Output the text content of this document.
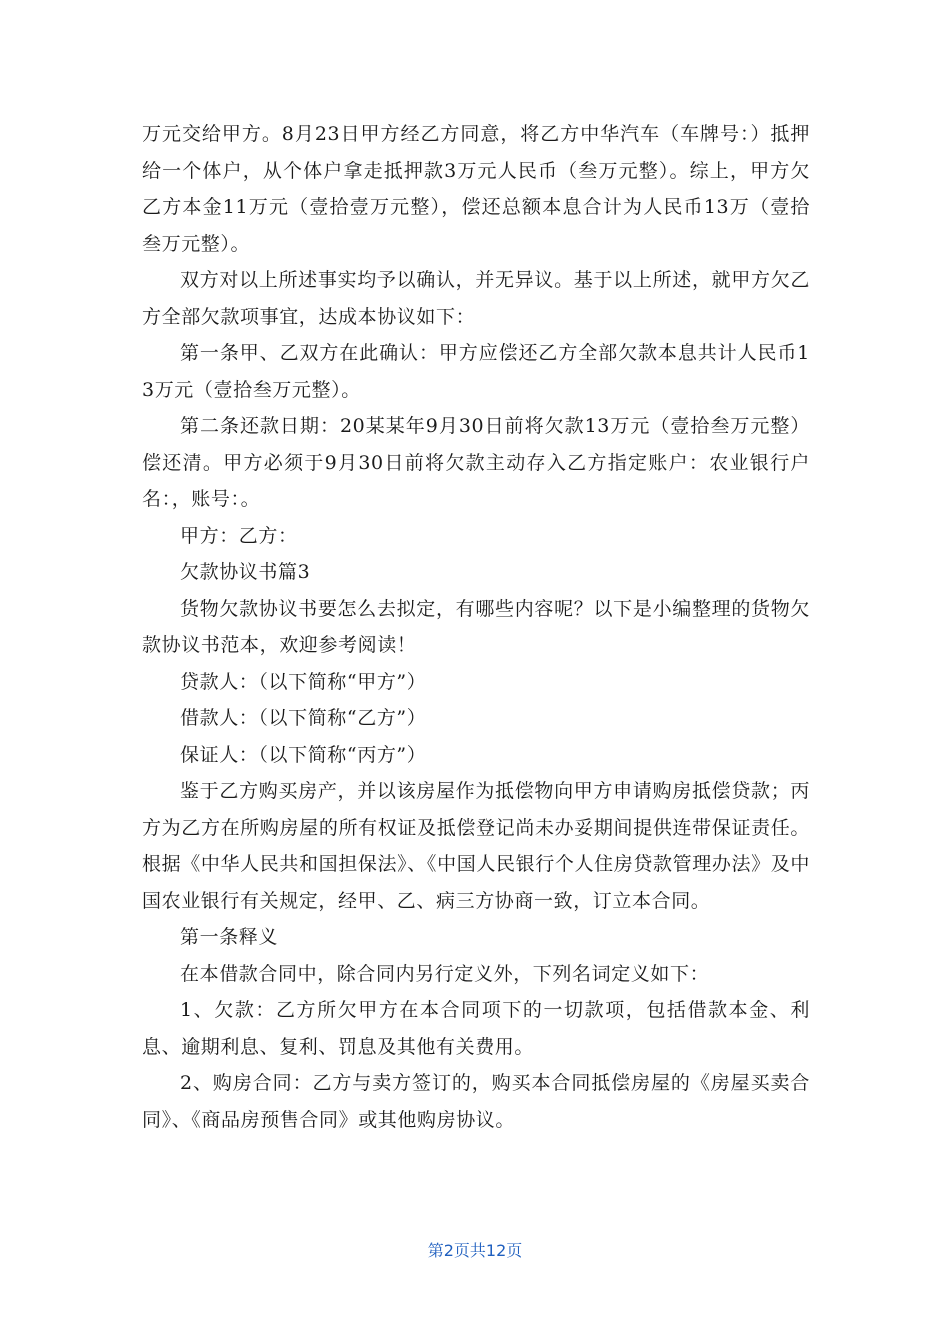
万元交给甲方。8月23日甲方经乙方同意，将乙方中华汽车（车牌号：）抵押给一个体户，从个体户拿走抵押款3万元人民币（叁万元整）。综上，甲方欠乙方本金11万元（壹拾壹万元整），偿还总额本息合计为人民币13万（壹拾叁万元整）。

双方对以上所述事实均予以确认，并无异议。基于以上所述，就甲方欠乙方全部欠款项事宜，达成本协议如下：

第一条甲、乙双方在此确认：甲方应偿还乙方全部欠款本息共计人民币13万元（壹拾叁万元整）。

第二条还款日期：20某某年9月30日前将欠款13万元（壹拾叁万元整）偿还清。甲方必须于9月30日前将欠款主动存入乙方指定账户：农业银行户名：，账号：。

甲方：乙方：

欠款协议书篇3

货物欠款协议书要怎么去拟定，有哪些内容呢？以下是小编整理的货物欠款协议书范本，欢迎参考阅读！

贷款人：（以下简称“甲方”）

借款人：（以下简称“乙方”）

保证人：（以下简称“丙方”）

鉴于乙方购买房产，并以该房屋作为抵偿物向甲方申请购房抵偿贷款；丙方为乙方在所购房屋的所有权证及抵偿登记尚未办妥期间提供连带保证责任。根据《中华人民共和国担保法》、《中国人民银行个人住房贷款管理办法》及中国农业银行有关规定，经甲、乙、病三方协商一致，订立本合同。

第一条释义

在本借款合同中，除合同内另行定义外，下列名词定义如下：

1、欠款：乙方所欠甲方在本合同项下的一切款项，包括借款本金、利息、逾期利息、复利、罚息及其他有关费用。

2、购房合同：乙方与卖方签订的，购买本合同抵偿房屋的《房屋买卖合同》、《商品房预售合同》或其他购房协议。

第2页共12页
